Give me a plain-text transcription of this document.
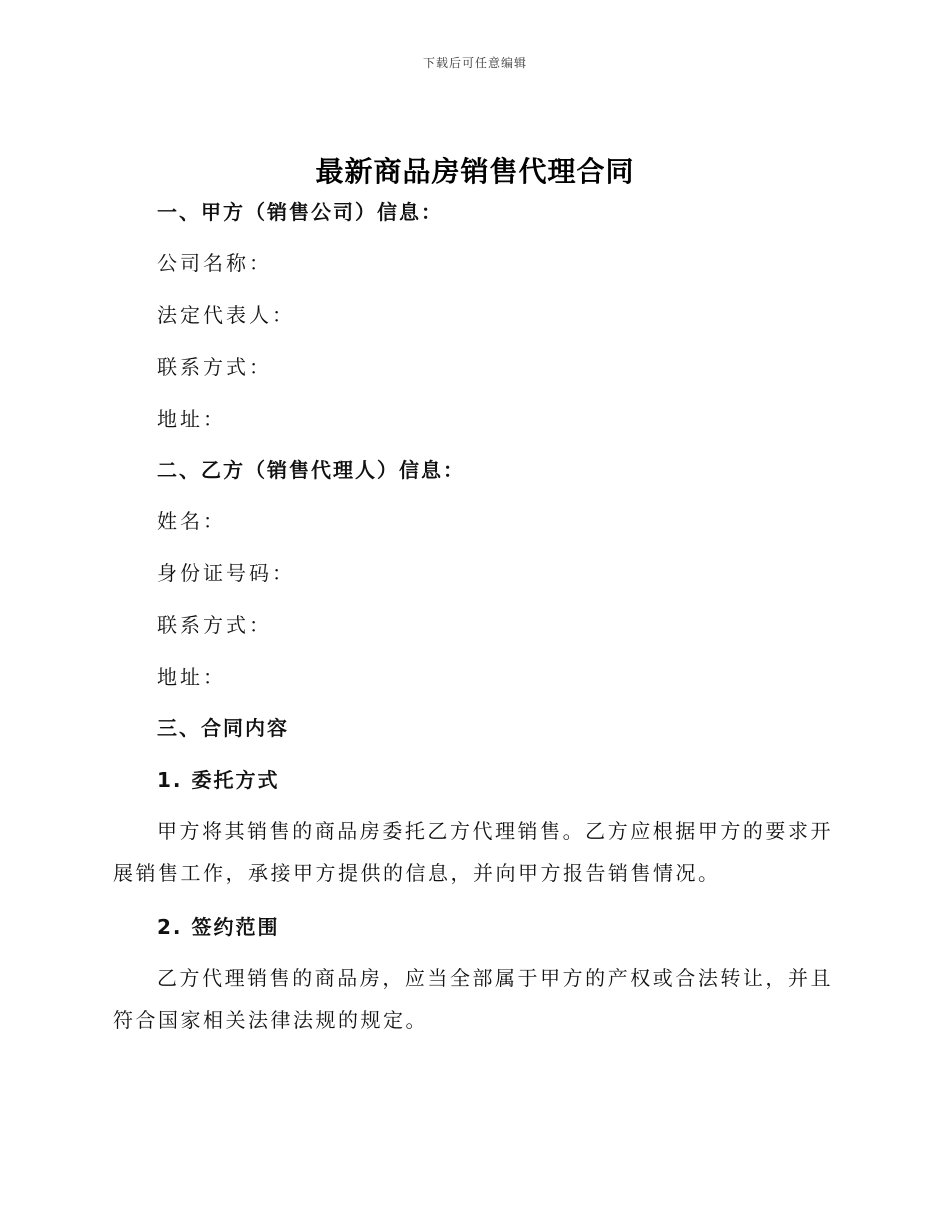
下载后可任意编辑
最新商品房销售代理合同
一、甲方（销售公司）信息：
公司名称：
法定代表人：
联系方式：
地址：
二、乙方（销售代理人）信息：
姓名：
身份证号码：
联系方式：
地址：
三、合同内容
1. 委托方式
甲方将其销售的商品房委托乙方代理销售。乙方应根据甲方的要求开展销售工作，承接甲方提供的信息，并向甲方报告销售情况。
2. 签约范围
乙方代理销售的商品房，应当全部属于甲方的产权或合法转让，并且符合国家相关法律法规的规定。
